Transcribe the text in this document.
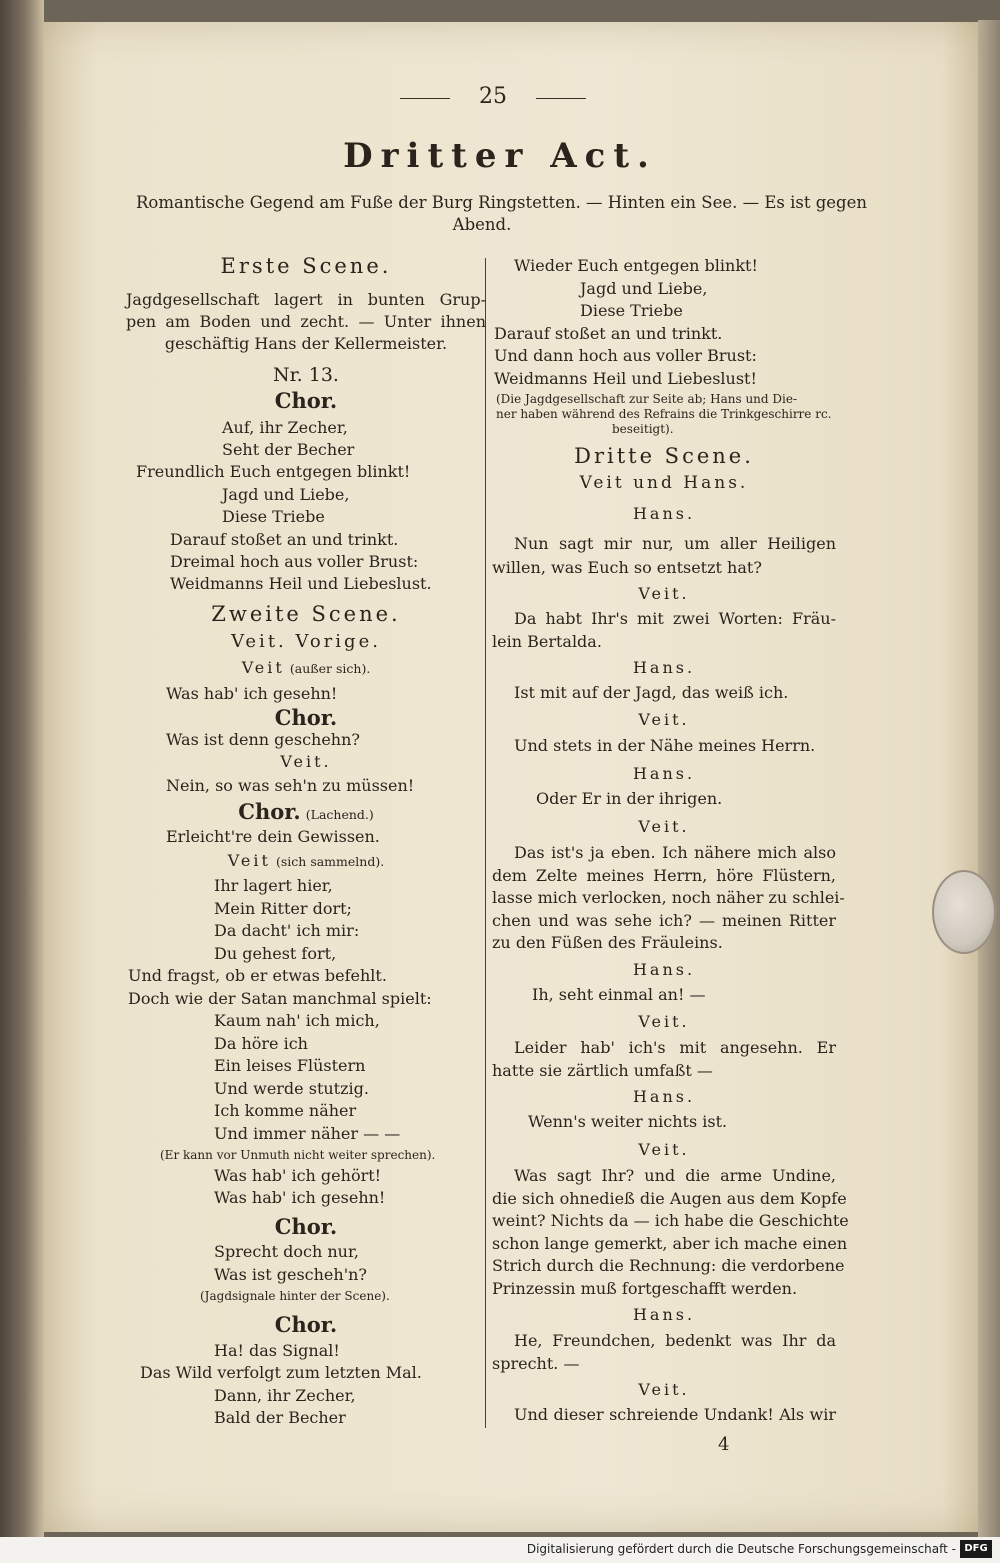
25
Dritter Act.
Romantische Gegend am Fuße der Burg Ringstetten. — Hinten ein See. — Es ist gegen
Abend.
Erste Scene.
Jagdgesellschaft lagert in bunten Grup-
pen am Boden und zecht. — Unter ihnen
geschäftig Hans der Kellermeister.
Nr. 13.
Chor.
Auf, ihr Zecher,
Seht der Becher
Freundlich Euch entgegen blinkt!
Jagd und Liebe,
Diese Triebe
Darauf stoßet an und trinkt.
Dreimal hoch aus voller Brust:
Weidmanns Heil und Liebeslust.
Zweite Scene.
Veit. Vorige.
Veit (außer sich).
Was hab' ich gesehn!
Chor.
Was ist denn geschehn?
Veit.
Nein, so was seh'n zu müssen!
Chor. (Lachend.)
Erleicht're dein Gewissen.
Veit (sich sammelnd).
Ihr lagert hier,
Mein Ritter dort;
Da dacht' ich mir:
Du gehest fort,
Und fragst, ob er etwas befehlt.
Doch wie der Satan manchmal spielt:
Kaum nah' ich mich,
Da höre ich
Ein leises Flüstern
Und werde stutzig.
Ich komme näher
Und immer näher — —
(Er kann vor Unmuth nicht weiter sprechen).
Was hab' ich gehört!
Was hab' ich gesehn!
Chor.
Sprecht doch nur,
Was ist gescheh'n?
(Jagdsignale hinter der Scene).
Chor.
Ha! das Signal!
Das Wild verfolgt zum letzten Mal.
Dann, ihr Zecher,
Bald der Becher
Wieder Euch entgegen blinkt!
Jagd und Liebe,
Diese Triebe
Darauf stoßet an und trinkt.
Und dann hoch aus voller Brust:
Weidmanns Heil und Liebeslust!
(Die Jagdgesellschaft zur Seite ab; Hans und Die-
ner haben während des Refrains die Trinkgeschirre rc.
beseitigt).
Dritte Scene.
Veit und Hans.
Hans.
Nun sagt mir nur, um aller Heiligen
willen, was Euch so entsetzt hat?
Veit.
Da habt Ihr's mit zwei Worten: Fräu-
lein Bertalda.
Hans.
Ist mit auf der Jagd, das weiß ich.
Veit.
Und stets in der Nähe meines Herrn.
Hans.
Oder Er in der ihrigen.
Veit.
Das ist's ja eben. Ich nähere mich also
dem Zelte meines Herrn, höre Flüstern,
lasse mich verlocken, noch näher zu schlei-
chen und was sehe ich? — meinen Ritter
zu den Füßen des Fräuleins.
Hans.
Ih, seht einmal an! —
Veit.
Leider hab' ich's mit angesehn. Er
hatte sie zärtlich umfaßt —
Hans.
Wenn's weiter nichts ist.
Veit.
Was sagt Ihr? und die arme Undine,
die sich ohnedieß die Augen aus dem Kopfe
weint? Nichts da — ich habe die Geschichte
schon lange gemerkt, aber ich mache einen
Strich durch die Rechnung: die verdorbene
Prinzessin muß fortgeschafft werden.
Hans.
He, Freundchen, bedenkt was Ihr da
sprecht. —
Veit.
Und dieser schreiende Undank! Als wir
4
Digitalisierung gefördert durch die Deutsche Forschungsgemeinschaft - DFG
